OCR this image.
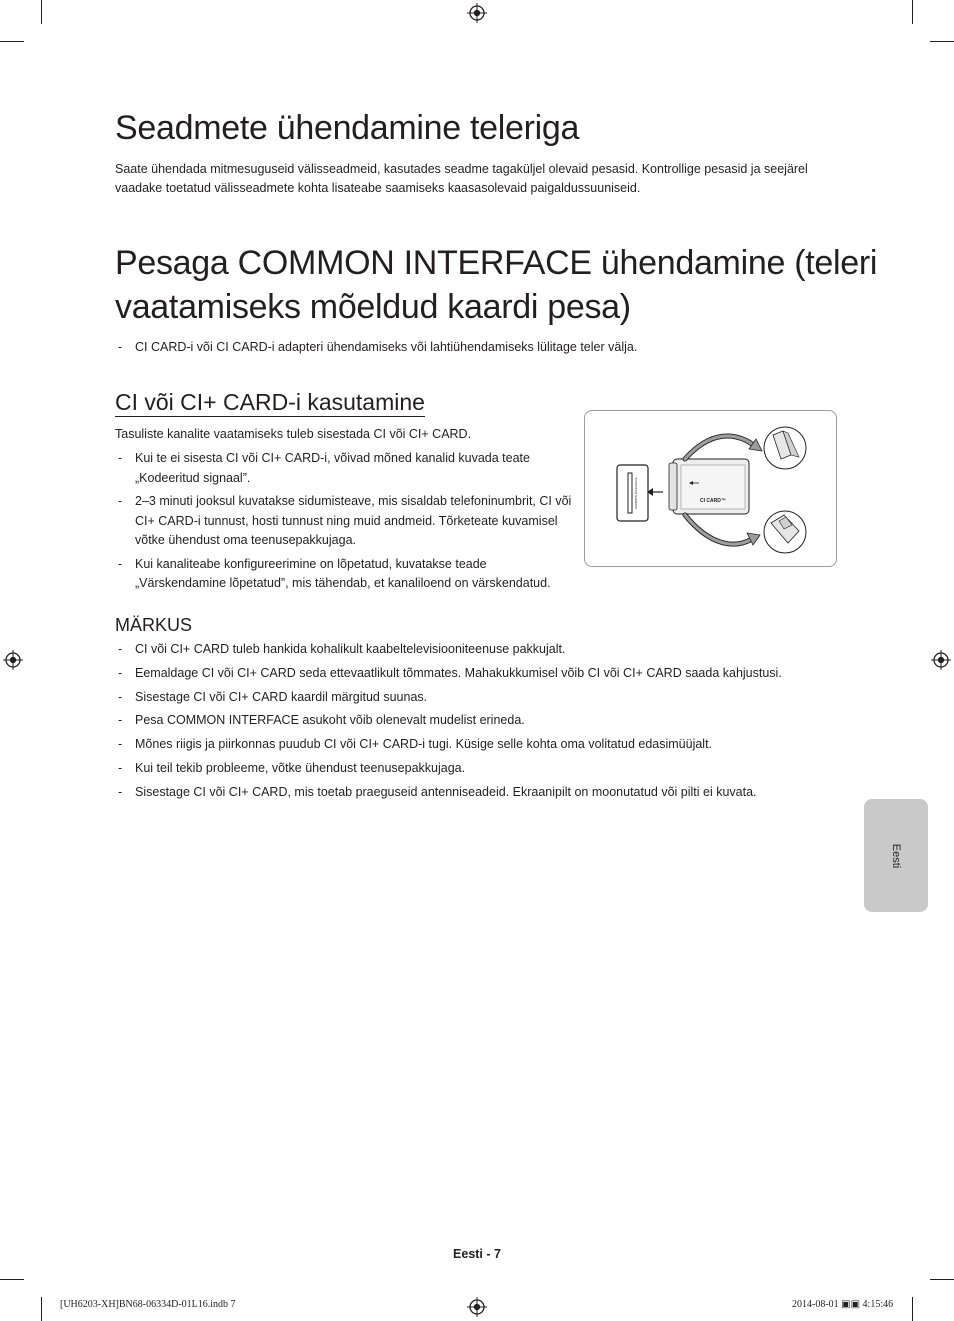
Seadmete ühendamine teleriga

Saate ühendada mitmesuguseid välisseadmeid, kasutades seadme tagaküljel olevaid pesasid. Kontrollige pesasid ja seejärel vaadake toetatud välisseadmete kohta lisateabe saamiseks kaasasolevaid paigaldussuuniseid.

Pesaga COMMON INTERFACE ühendamine (teleri
vaatamiseks mõeldud kaardi pesa)
- CI CARD-i või CI CARD-i adapteri ühendamiseks või lahtiühendamiseks lülitage teler välja.
CI või CI+ CARD-i kasutamine

Tasuliste kanalite vaatamiseks tuleb sisestada CI või CI+ CARD.

- Kui te ei sisesta CI või CI+ CARD-i, võivad mõned kanalid kuvada teate „Kodeeritud signaal”.
- 2–3 minuti jooksul kuvatakse sidumisteave, mis sisaldab telefoninumbrit, CI või CI+ CARD-i tunnust, hosti tunnust ning muid andmeid. Tõrketeate kuvamisel võtke ühendust oma teenusepakkujaga.
- Kui kanaliteabe konfigureerimine on lõpetatud, kuvatakse teade „Värskendamine lõpetatud”, mis tähendab, et kanaliloend on värskendatud.
COMMON INTERFACE	CI CARD™
MÄRKUS
- CI või CI+ CARD tuleb hankida kohalikult kaabeltelevisiooniteenuse pakkujalt.
- Eemaldage CI või CI+ CARD seda ettevaatlikult tõmmates. Mahakukkumisel võib CI või CI+ CARD saada kahjustusi.
- Sisestage CI või CI+ CARD kaardil märgitud suunas.
- Pesa COMMON INTERFACE asukoht võib olenevalt mudelist erineda.
- Mõnes riigis ja piirkonnas puudub CI või CI+ CARD-i tugi. Küsige selle kohta oma volitatud edasimüüjalt.
- Kui teil tekib probleeme, võtke ühendust teenusepakkujaga.
- Sisestage CI või CI+ CARD, mis toetab praeguseid antenniseadeid. Ekraanipilt on moonutatud või pilti ei kuvata.
Eesti
Eesti - 7
[UH6203-XH]BN68-06334D-01L16.indb 7	2014-08-01 ▣▣ 4:15:46
